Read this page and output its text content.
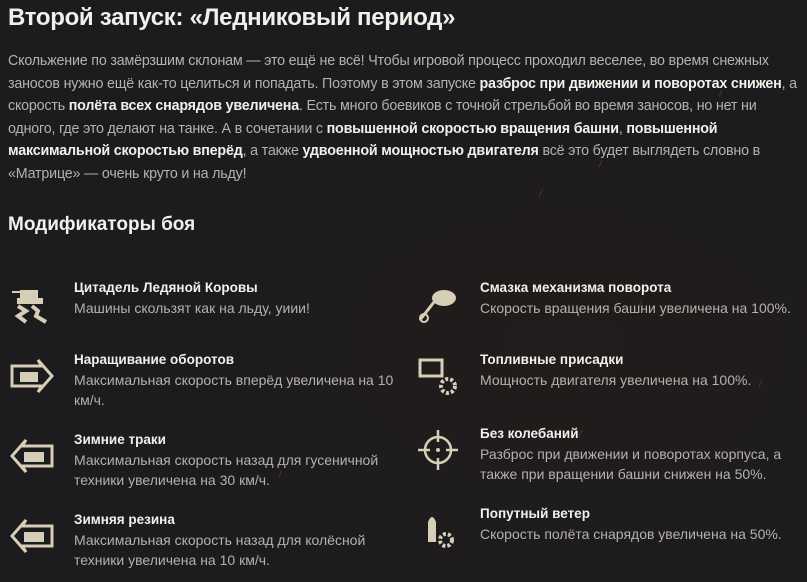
Второй запуск: «Ледниковый период»

Скольжение по замёрзшим склонам — это ещё не всё! Чтобы игровой процесс проходил веселее, во время снежных заносов нужно ещё как-то целиться и попадать. Поэтому в этом запуске разброс при движении и поворотах снижен, а скорость полёта всех снарядов увеличена. Есть много боевиков с точной стрельбой во время заносов, но нет ни одного, где это делают на танке. А в сочетании с повышенной скоростью вращения башни, повышенной максимальной скоростью вперёд, а также удвоенной мощностью двигателя всё это будет выглядеть словно в «Матрице» — очень круто и на льду!

Модификаторы боя
Цитадель Ледяной Коровы
Машины скользят как на льду, уиии!
Наращивание оборотов
Максимальная скорость вперёд увеличена на 10 км/ч.
Зимние траки
Максимальная скорость назад для гусеничной техники увеличена на 30 км/ч.
Зимняя резина
Максимальная скорость назад для колёсной техники увеличена на 10 км/ч.
Смазка механизма поворота
Скорость вращения башни увеличена на 100%.
Топливные присадки
Мощность двигателя увеличена на 100%.
Без колебаний
Разброс при движении и поворотах корпуса, а также при вращении башни снижен на 50%.
Попутный ветер
Скорость полёта снарядов увеличена на 50%.
